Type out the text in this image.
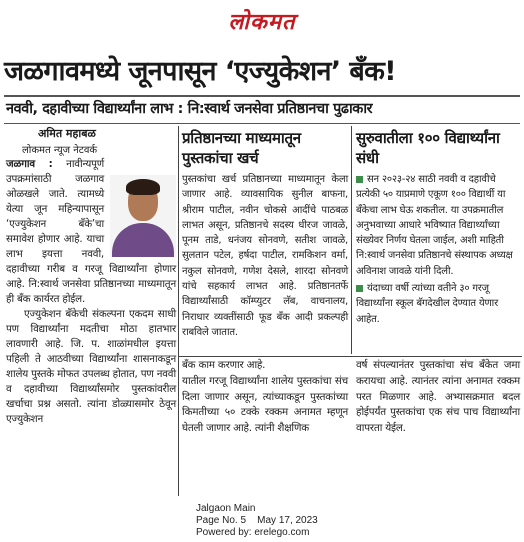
लोकमत
जळगावमध्ये जूनपासून ‘एज्युकेशन’ बँक!
नववी, दहावीच्या विद्यार्थ्यांना लाभ : नि:स्वार्थ जनसेवा प्रतिष्ठानचा पुढाकार
अमित महाबळ
लोकमत न्यूज नेटवर्क
जळगाव : नावीन्यपूर्ण उपक्रमांसाठी जळगाव ओळखले जाते. त्यामध्ये येत्या जून महिन्यापासून ‘एज्युकेशन बँके’चा समावेश होणार आहे. याचा लाभ इयत्ता नववी, दहावीच्या गरीब व गरजू विद्यार्थ्यांना होणार आहे. नि:स्वार्थ जनसेवा प्रतिष्ठानच्या माध्यमातून ही बँक कार्यरत होईल.
एज्युकेशन बँकेची संकल्पना एकदम साधी पण विद्यार्थ्यांना मदतीचा मोठा हातभार लावणारी आहे. जि. प. शाळांमधील इयत्ता पहिली ते आठवीच्या विद्यार्थ्यांना शासनाकडून शालेय पुस्तके मोफत उपलब्ध होतात, पण नववी व दहावीच्या विद्यार्थ्यांसमोर पुस्तकांवरील खर्चाचा प्रश्न असतो. त्यांना डोळ्यासमोर ठेवून एज्युकेशन
प्रतिष्ठानच्या माध्यमातून पुस्तकांचा खर्च
सुरुवातीला १०० विद्यार्थ्यांना संधी
पुस्तकांचा खर्च प्रतिष्ठानच्या माध्यमातून केला जाणार आहे. व्यावसायिक सुनील बाफना, श्रीराम पाटील, नवीन चोकसे आदींचे पाठबळ लाभत असून, प्रतिष्ठानचे सदस्य धीरज जावळे, पूनम ताडे, धनंजय सोनवणे, सतीश जावळे, सुलतान पटेल, हर्षदा पाटील, रामकिशन वर्मा, नकुल सोनवणे, गणेश देसले, शारदा सोनवणे यांचे सहकार्य लाभत आहे. प्रतिष्ठानतर्फे विद्यार्थ्यांसाठी कॉम्प्युटर लॅब, वाचनालय, निराधार व्यक्तींसाठी फूड बँक आदी प्रकल्पही राबविले जातात.
सन २०२३-२४ साठी नववी व दहावीचे प्रत्येकी ५० याप्रमाणे एकूण १०० विद्यार्थी या बँकेचा लाभ घेऊ शकतील. या उपक्रमातील अनुभवाच्या आधारे भविष्यात विद्यार्थ्यांच्या संख्येवर निर्णय घेतला जाईल, अशी माहिती नि:स्वार्थ जनसेवा प्रतिष्ठानचे संस्थापक अध्यक्ष अविनाश जावळे यांनी दिली.
यंदाच्या वर्षी त्यांच्या वतीने ३० गरजू विद्यार्थ्यांना स्कूल बॅगदेखील देण्यात येणार आहेत.
बँक काम करणार आहे.
यातील गरजू विद्यार्थ्यांना शालेय पुस्तकांचा संच दिला जाणार असून, त्यांच्याकडून पुस्तकांच्या किमतीच्या ५० टक्के रक्कम अनामत म्हणून घेतली जाणार आहे. त्यांनी शैक्षणिक
वर्ष संपल्यानंतर पुस्तकांचा संच बँकेत जमा करायचा आहे. त्यानंतर त्यांना अनामत रक्कम परत मिळणार आहे. अभ्यासक्रमात बदल होईपर्यंत पुस्तकांचा एक संच पाच विद्यार्थ्यांना वापरता येईल.
Jalgaon Main
Page No. 5    May 17, 2023
Powered by: erelego.com
